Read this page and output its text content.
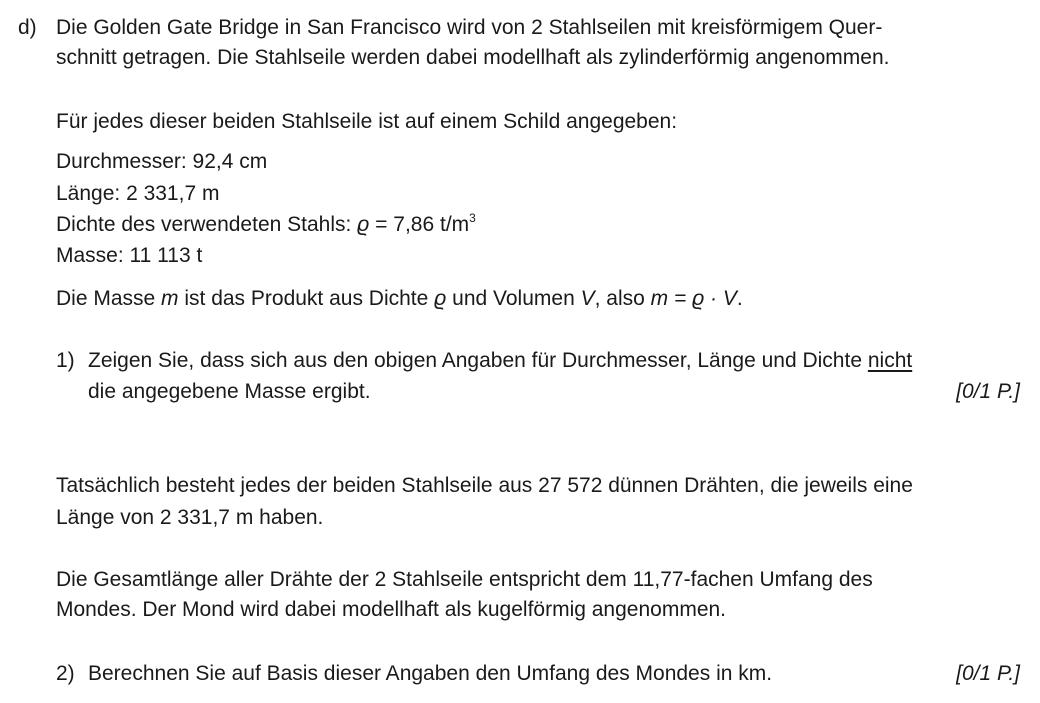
d) Die Golden Gate Bridge in San Francisco wird von 2 Stahlseilen mit kreisförmigem Quer-
schnitt getragen. Die Stahlseile werden dabei modellhaft als zylinderförmig angenommen.
Für jedes dieser beiden Stahlseile ist auf einem Schild angegeben:
Durchmesser: 92,4 cm
Länge: 2 331,7 m
Dichte des verwendeten Stahls: ϱ = 7,86 $t/m^3$
Masse: 11 113 t
Die Masse m ist das Produkt aus Dichte ϱ und Volumen V, also m = ϱ · V.
1) Zeigen Sie, dass sich aus den obigen Angaben für Durchmesser, Länge und Dichte nicht
die angegebene Masse ergibt.	[0/1 P.]
Tatsächlich besteht jedes der beiden Stahlseile aus 27 572 dünnen Drähten, die jeweils eine
Länge von 2 331,7 m haben.
Die Gesamtlänge aller Drähte der 2 Stahlseile entspricht dem 11,77-fachen Umfang des
Mondes. Der Mond wird dabei modellhaft als kugelförmig angenommen.
2) Berechnen Sie auf Basis dieser Angaben den Umfang des Mondes in km.	[0/1 P.]
